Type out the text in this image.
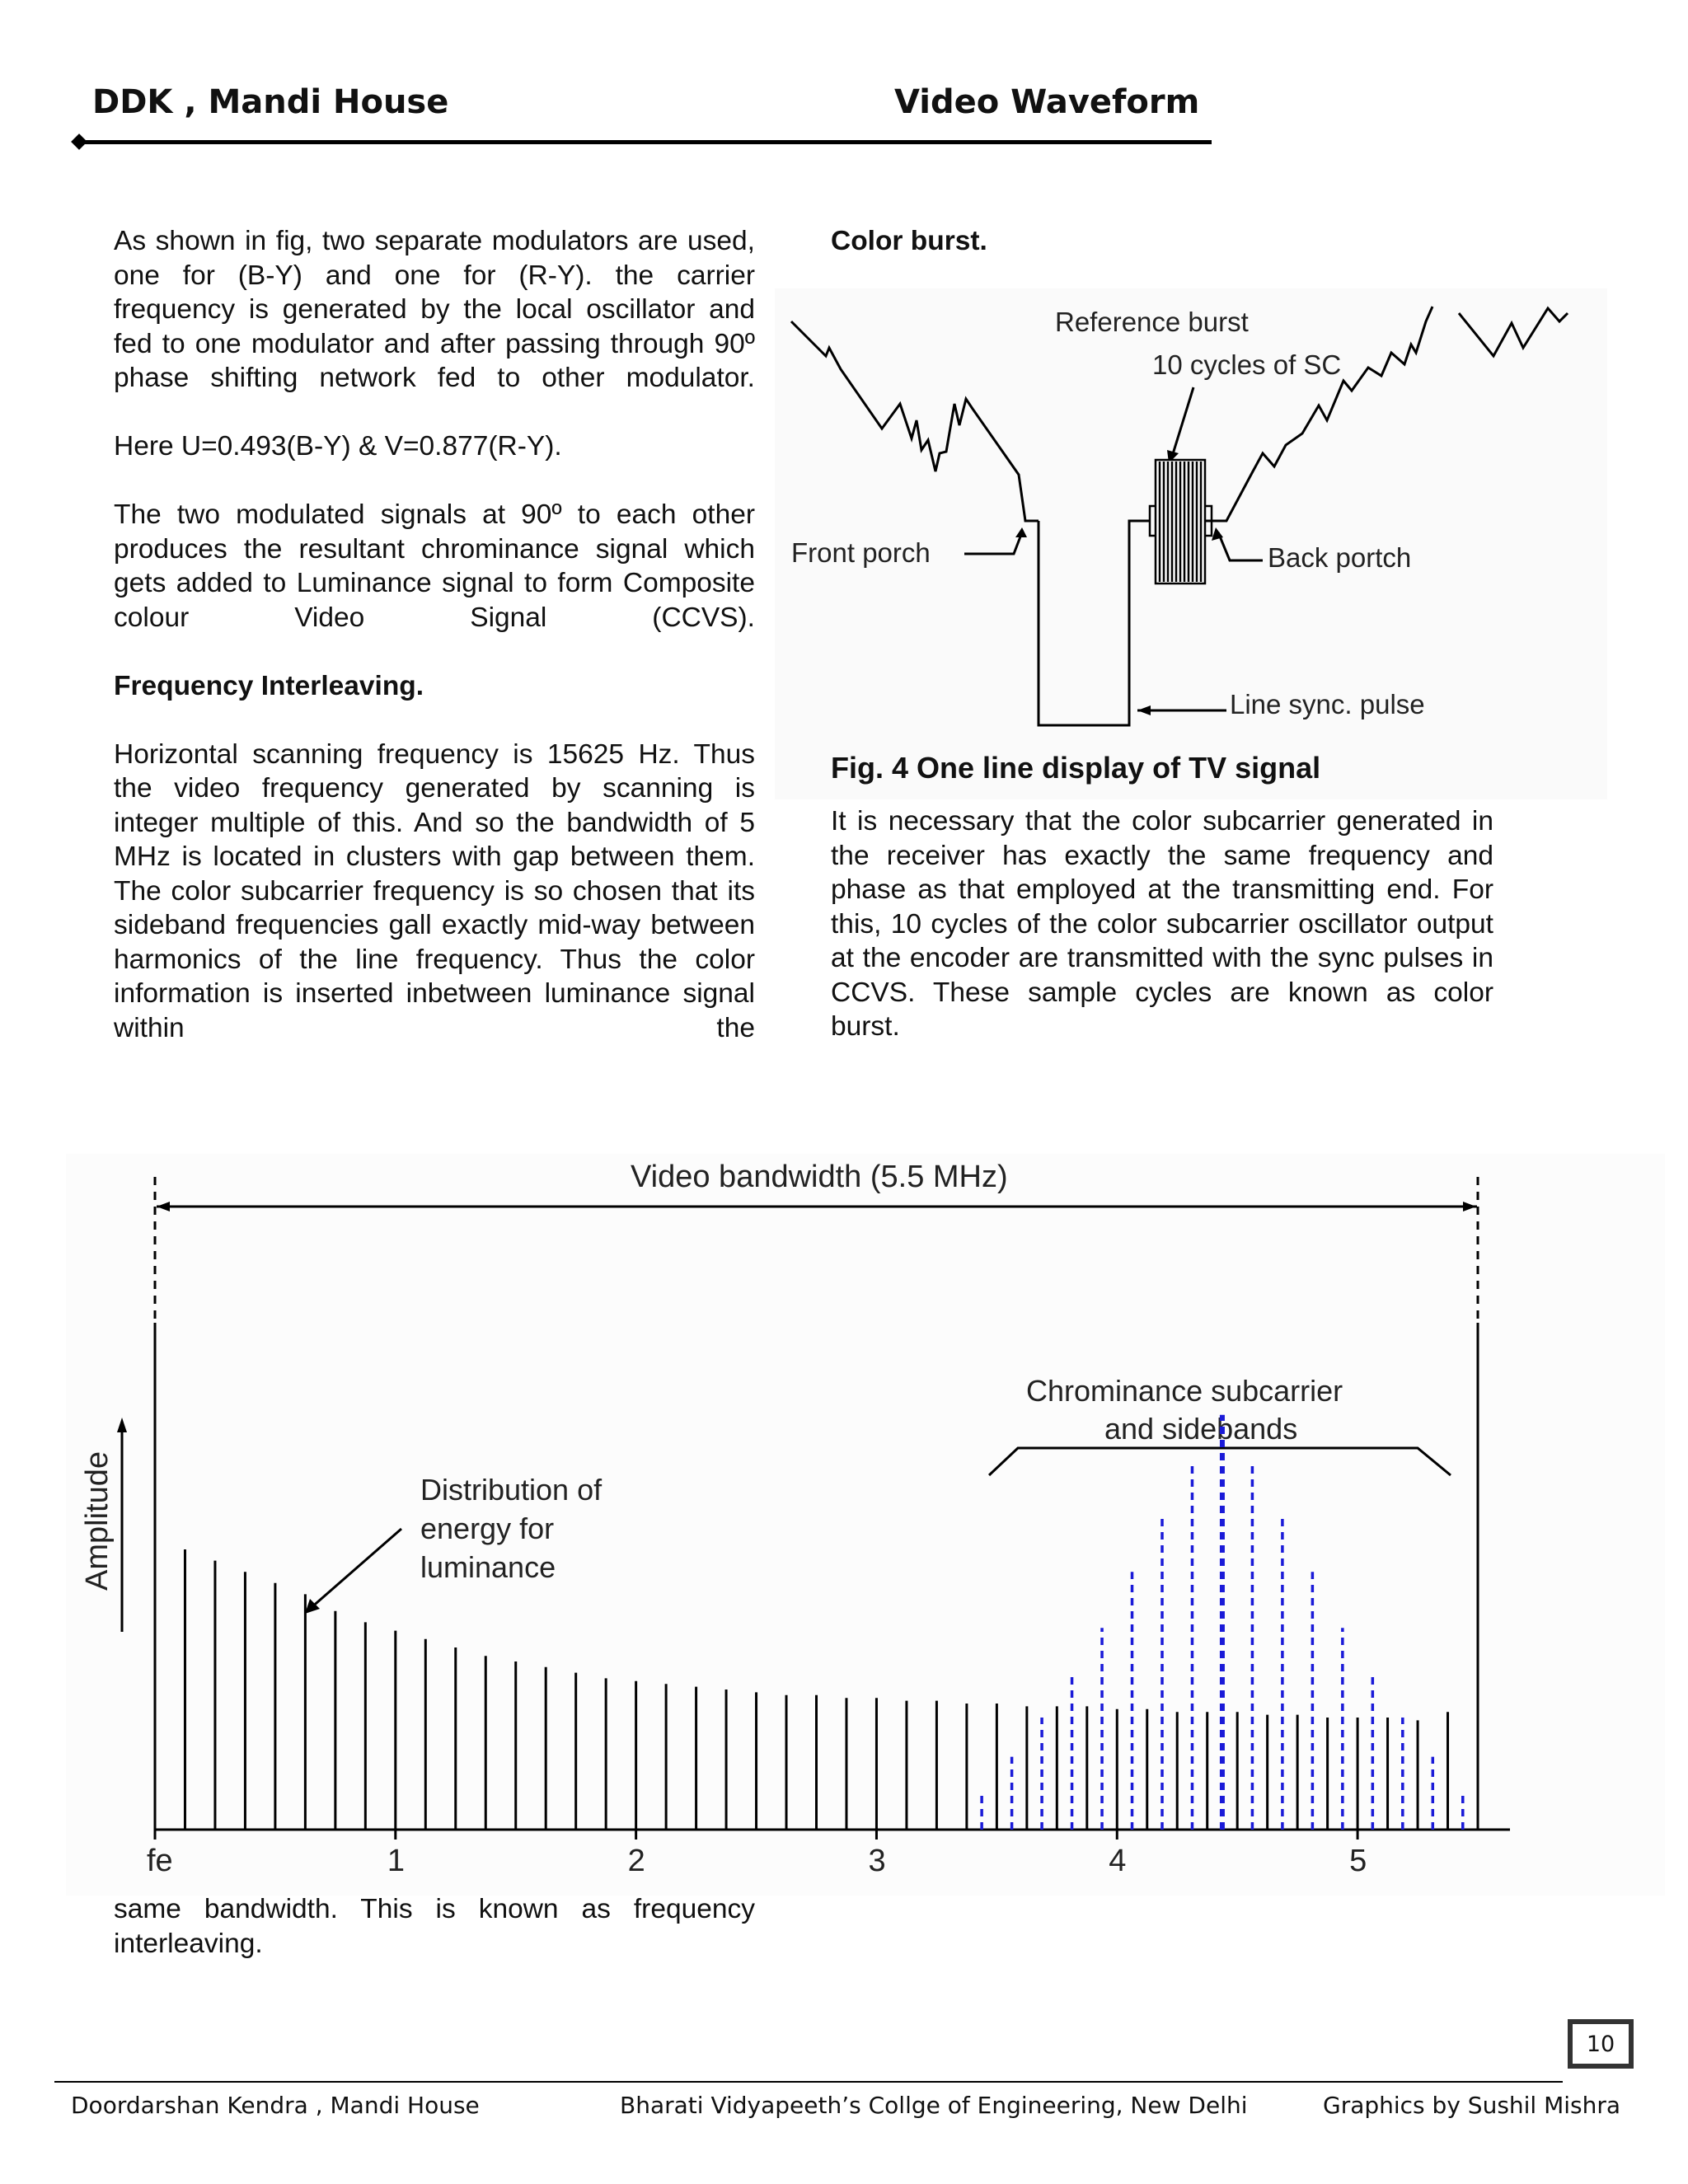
DDK , Mandi House	Video Waveform

As shown in fig, two separate modulators are used, one for (B-Y) and one for (R-Y). the carrier frequency is generated by the local oscillator and fed to one modulator and after passing through 90º phase shifting network fed to other modulator.

Here U=0.493(B-Y) & V=0.877(R-Y).

The two modulated signals at 90º to each other produces the resultant chrominance signal which gets added to Luminance signal to form Composite colour Video Signal (CCVS).

Frequency Interleaving.

Horizontal scanning frequency is 15625 Hz. Thus the video frequency generated by scanning is integer multiple of this. And so the bandwidth of 5 MHz is located in clusters with gap between them. The color subcarrier frequency is so chosen that its sideband frequencies gall exactly mid-way between harmonics of the line frequency. Thus the color information is inserted inbetween luminance signal within the

Color burst.
Reference burst
10 cycles of SC
Front porch	Back portch
Line sync. pulse
Fig. 4 One line display of TV signal

It is necessary that the color subcarrier generated in the receiver has exactly the same frequency and phase as that employed at the transmitting end. For this, 10 cycles of the color subcarrier oscillator output at the encoder are transmitted with the sync pulses in CCVS. These sample cycles are known as color burst.

Video bandwidth (5.5 MHz)
Amplitude	Distribution of
energy for
luminance
Chrominance subcarrier
and sidebands
fe	1	2	3	4	5

same bandwidth. This is known as frequency interleaving.

10
Doordarshan Kendra , Mandi House	Bharati Vidyapeeth’s Collge of Engineering, New Delhi	Graphics by Sushil Mishra
